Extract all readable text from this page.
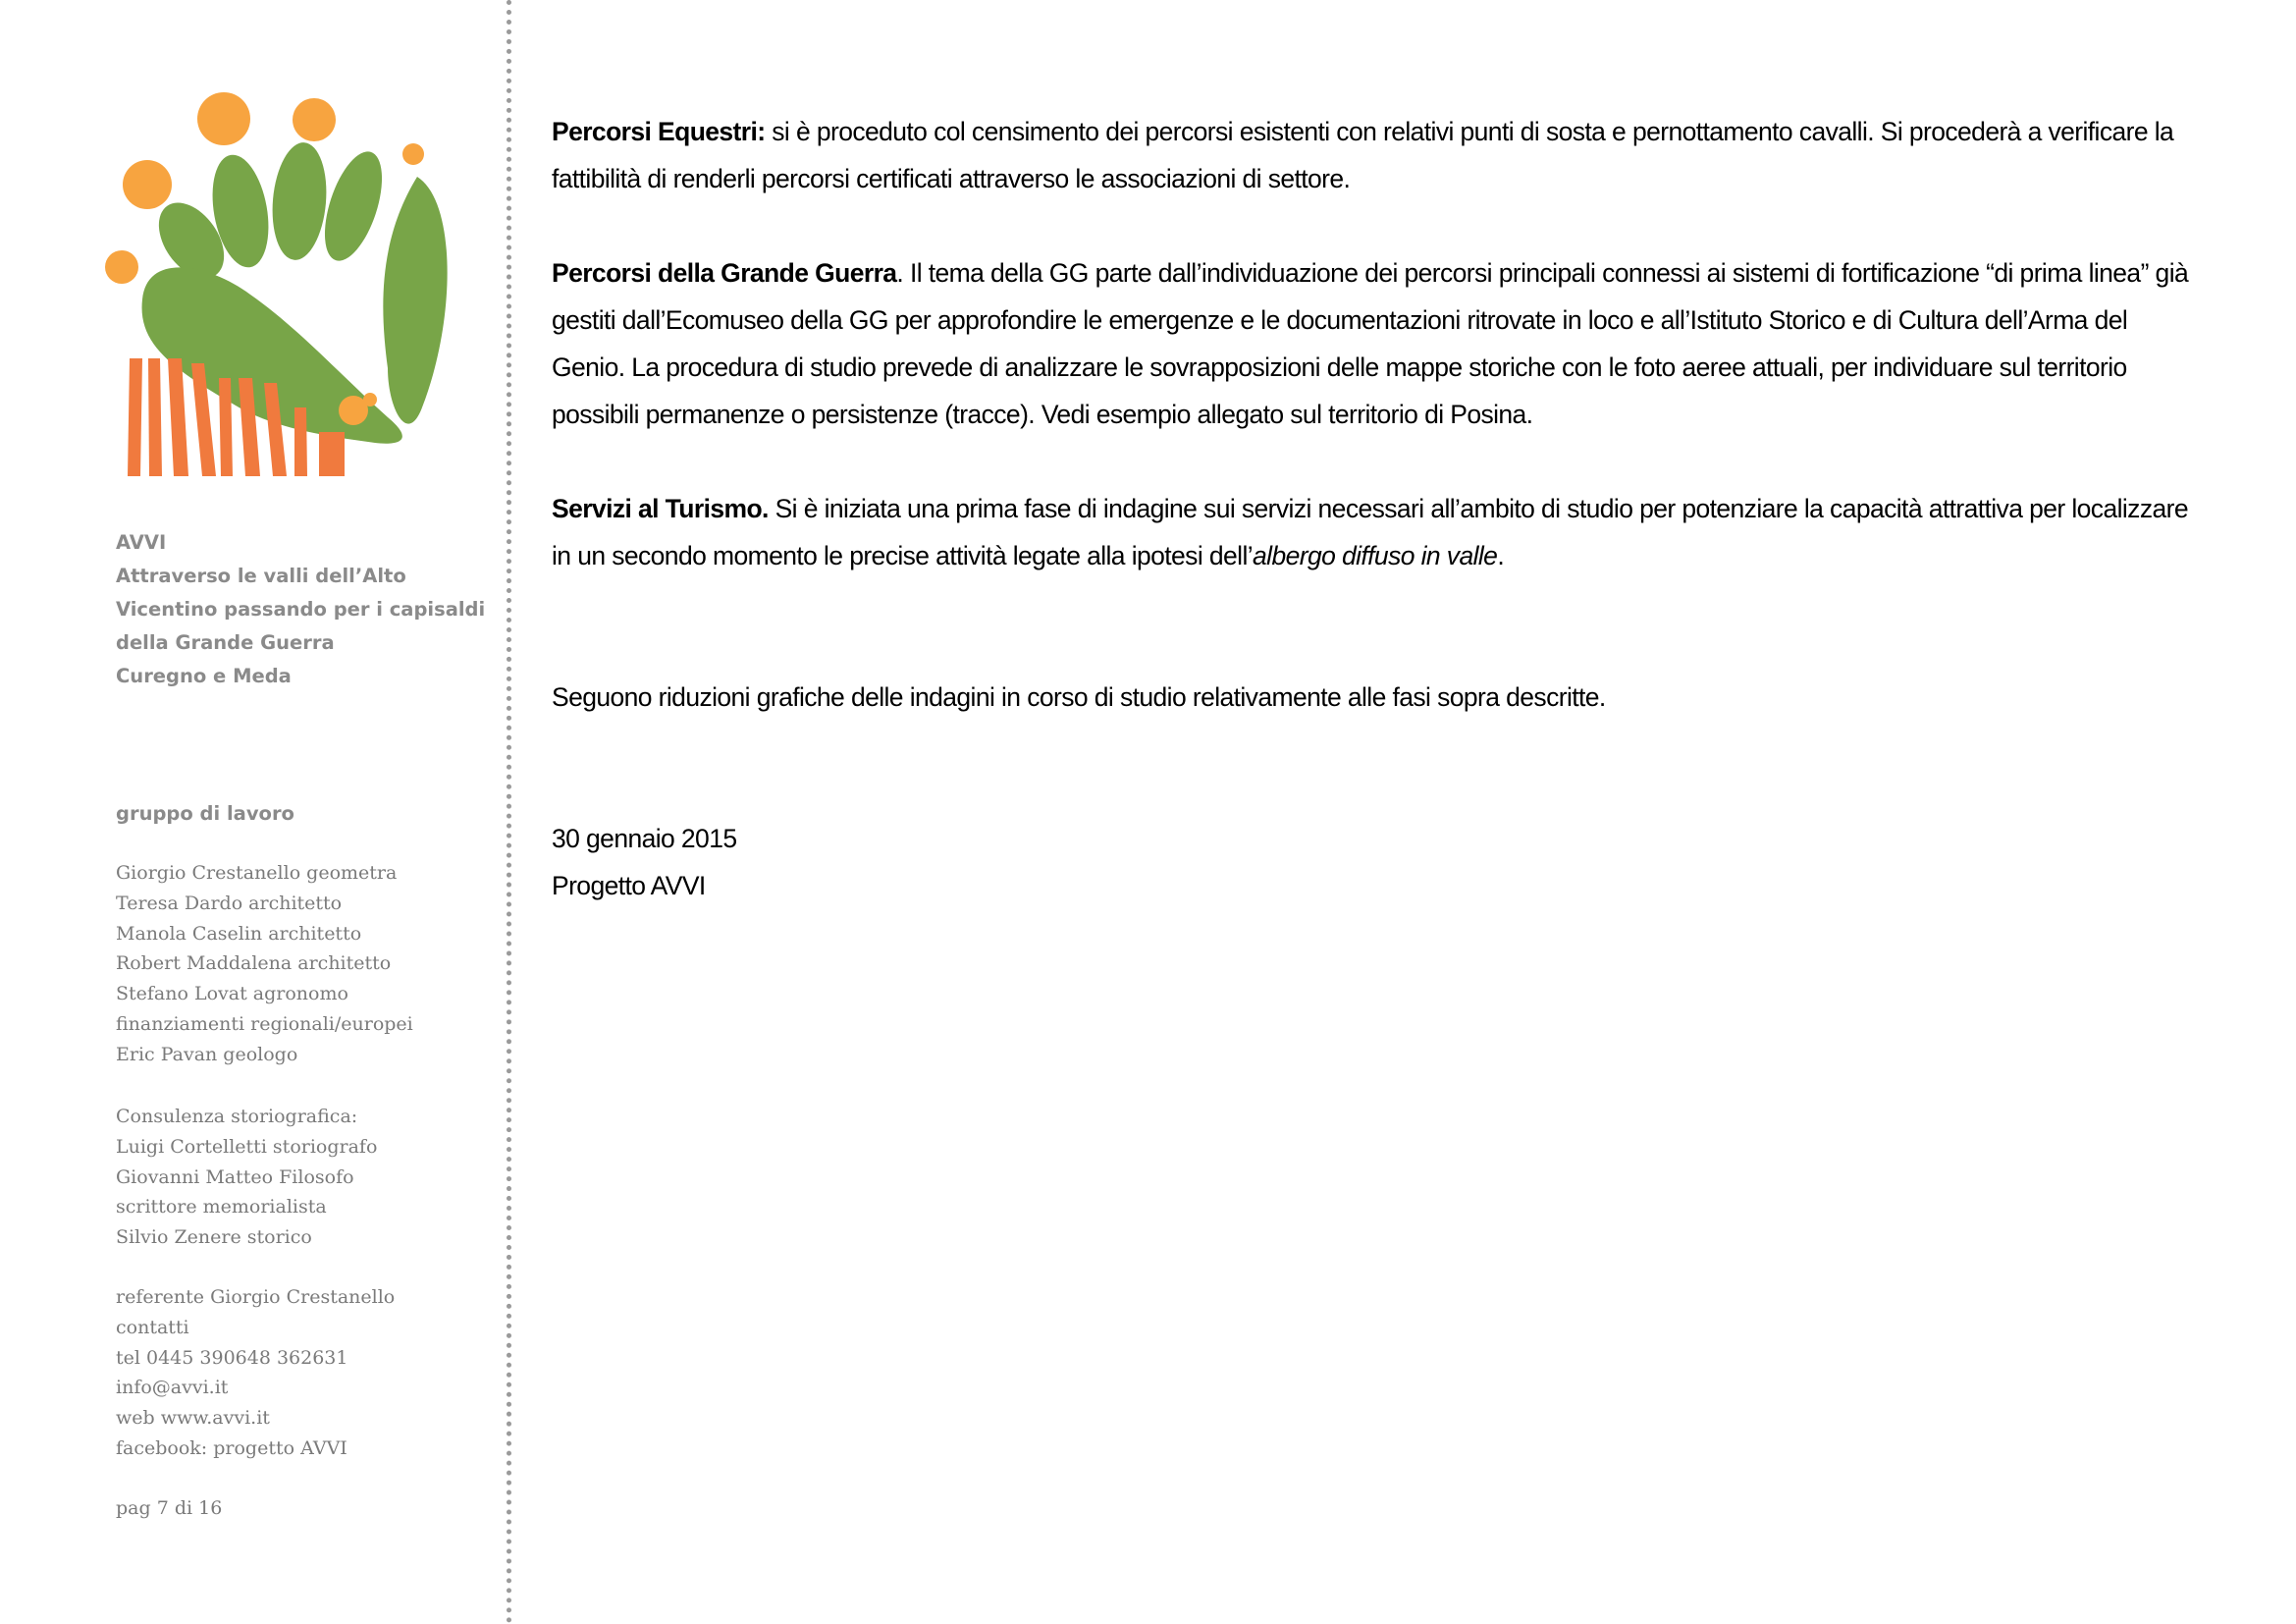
AVVI
Attraverso le valli dell’Alto
Vicentino passando per i capisaldi
della Grande Guerra
Curegno e Meda
gruppo di lavoro
Giorgio Crestanello geometra
Teresa Dardo architetto
Manola Caselin architetto
Robert Maddalena architetto
Stefano Lovat agronomo
finanziamenti regionali/europei
Eric Pavan geologo
Consulenza storiografica:
Luigi Cortelletti storiografo
Giovanni Matteo Filosofo
scrittore memorialista
Silvio Zenere storico
referente Giorgio Crestanello
contatti
tel 0445 390648 362631
info@avvi.it
web www.avvi.it
facebook: progetto AVVI
pag 7 di 16

Percorsi Equestri: si è proceduto col censimento dei percorsi esistenti con relativi punti di sosta e pernottamento cavalli. Si procederà a verificare la fattibilità di renderli percorsi certificati attraverso le associazioni di settore.

Percorsi della Grande Guerra. Il tema della GG parte dall’individuazione dei percorsi principali connessi ai sistemi di fortificazione “di prima linea” già gestiti dall’Ecomuseo della GG per approfondire le emergenze e le documentazioni ritrovate in loco e all’Istituto Storico e di Cultura dell’Arma del Genio. La procedura di studio prevede di analizzare le sovrapposizioni delle mappe storiche con le foto aeree attuali, per individuare sul territorio possibili permanenze o persistenze (tracce). Vedi esempio allegato sul territorio di Posina.

Servizi al Turismo. Si è iniziata una prima fase di indagine sui servizi necessari all’ambito di studio per potenziare la capacità attrattiva per localizzare in un secondo momento le precise attività legate alla ipotesi dell’albergo diffuso in valle.

Seguono riduzioni grafiche delle indagini in corso di studio relativamente alle fasi sopra descritte.

30 gennaio 2015
Progetto AVVI
